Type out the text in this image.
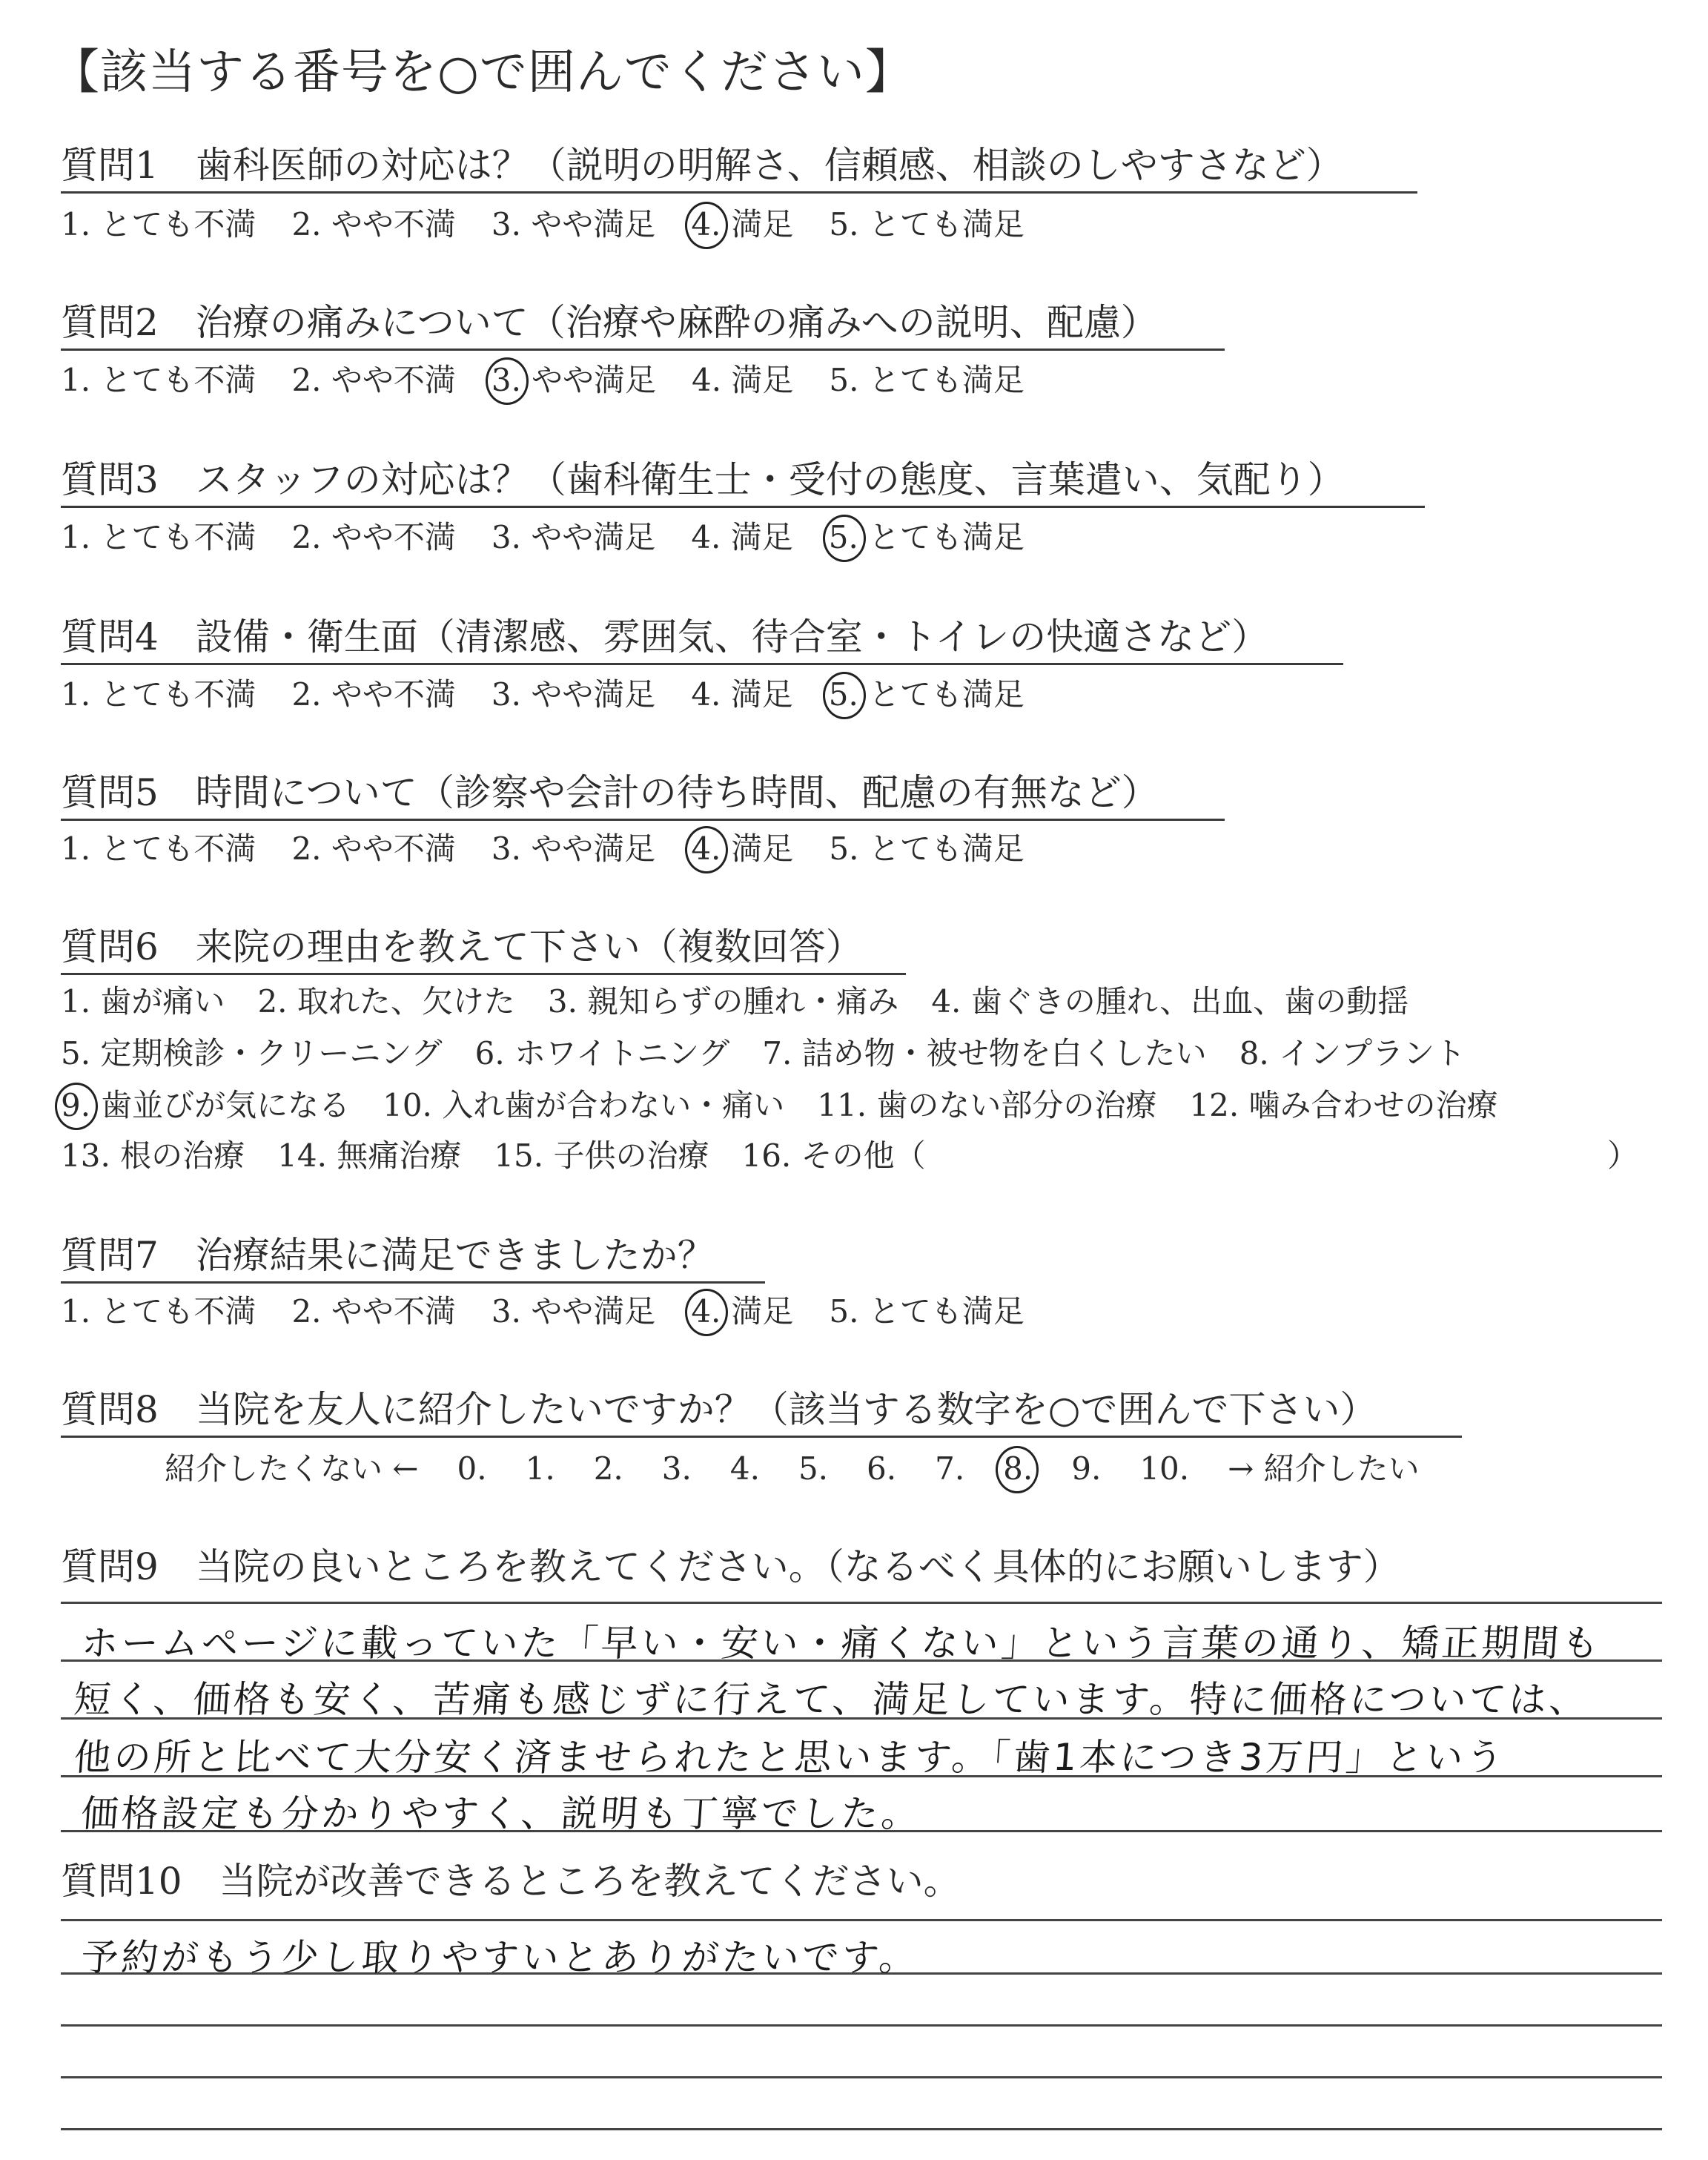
【該当する番号を○で囲んでください】
質問1　歯科医師の対応は？（説明の明解さ、信頼感、相談のしやすさなど）
1. とても不満 2. やや不満 3. やや満足 4. 満足 5. とても満足
質問2　治療の痛みについて（治療や麻酔の痛みへの説明、配慮）
1. とても不満 2. やや不満 3. やや満足 4. 満足 5. とても満足
質問3　スタッフの対応は？（歯科衛生士・受付の態度、言葉遣い、気配り）
1. とても不満 2. やや不満 3. やや満足 4. 満足 5. とても満足
質問4　設備・衛生面（清潔感、雰囲気、待合室・トイレの快適さなど）
1. とても不満 2. やや不満 3. やや満足 4. 満足 5. とても満足
質問5　時間について（診察や会計の待ち時間、配慮の有無など）
1. とても不満 2. やや不満 3. やや満足 4. 満足 5. とても満足
質問6　来院の理由を教えて下さい（複数回答）
1. 歯が痛い 2. 取れた、欠けた 3. 親知らずの腫れ・痛み 4. 歯ぐきの腫れ、出血、歯の動揺
5. 定期検診・クリーニング 6. ホワイトニング 7. 詰め物・被せ物を白くしたい 8. インプラント
9. 歯並びが気になる 10. 入れ歯が合わない・痛い 11. 歯のない部分の治療 12. 噛み合わせの治療
13. 根の治療 14. 無痛治療 15. 子供の治療 16. その他（	）
質問7　治療結果に満足できましたか？
1. とても不満 2. やや不満 3. やや満足 4. 満足 5. とても満足
質問8　当院を友人に紹介したいですか？（該当する数字を○で囲んで下さい）
紹介したくない ← 0. 1. 2. 3. 4. 5. 6. 7. 8. 9. 10. → 紹介したい
質問9　当院の良いところを教えてください。（なるべく具体的にお願いします）
ホームページに載っていた「早い・安い・痛くない」という言葉の通り、矯正期間も
短く、価格も安く、苦痛も感じずに行えて、満足しています。特に価格については、
他の所と比べて大分安く済ませられたと思います。「歯1本につき3万円」という
価格設定も分かりやすく、説明も丁寧でした。
質問10　当院が改善できるところを教えてください。
予約がもう少し取りやすいとありがたいです。
